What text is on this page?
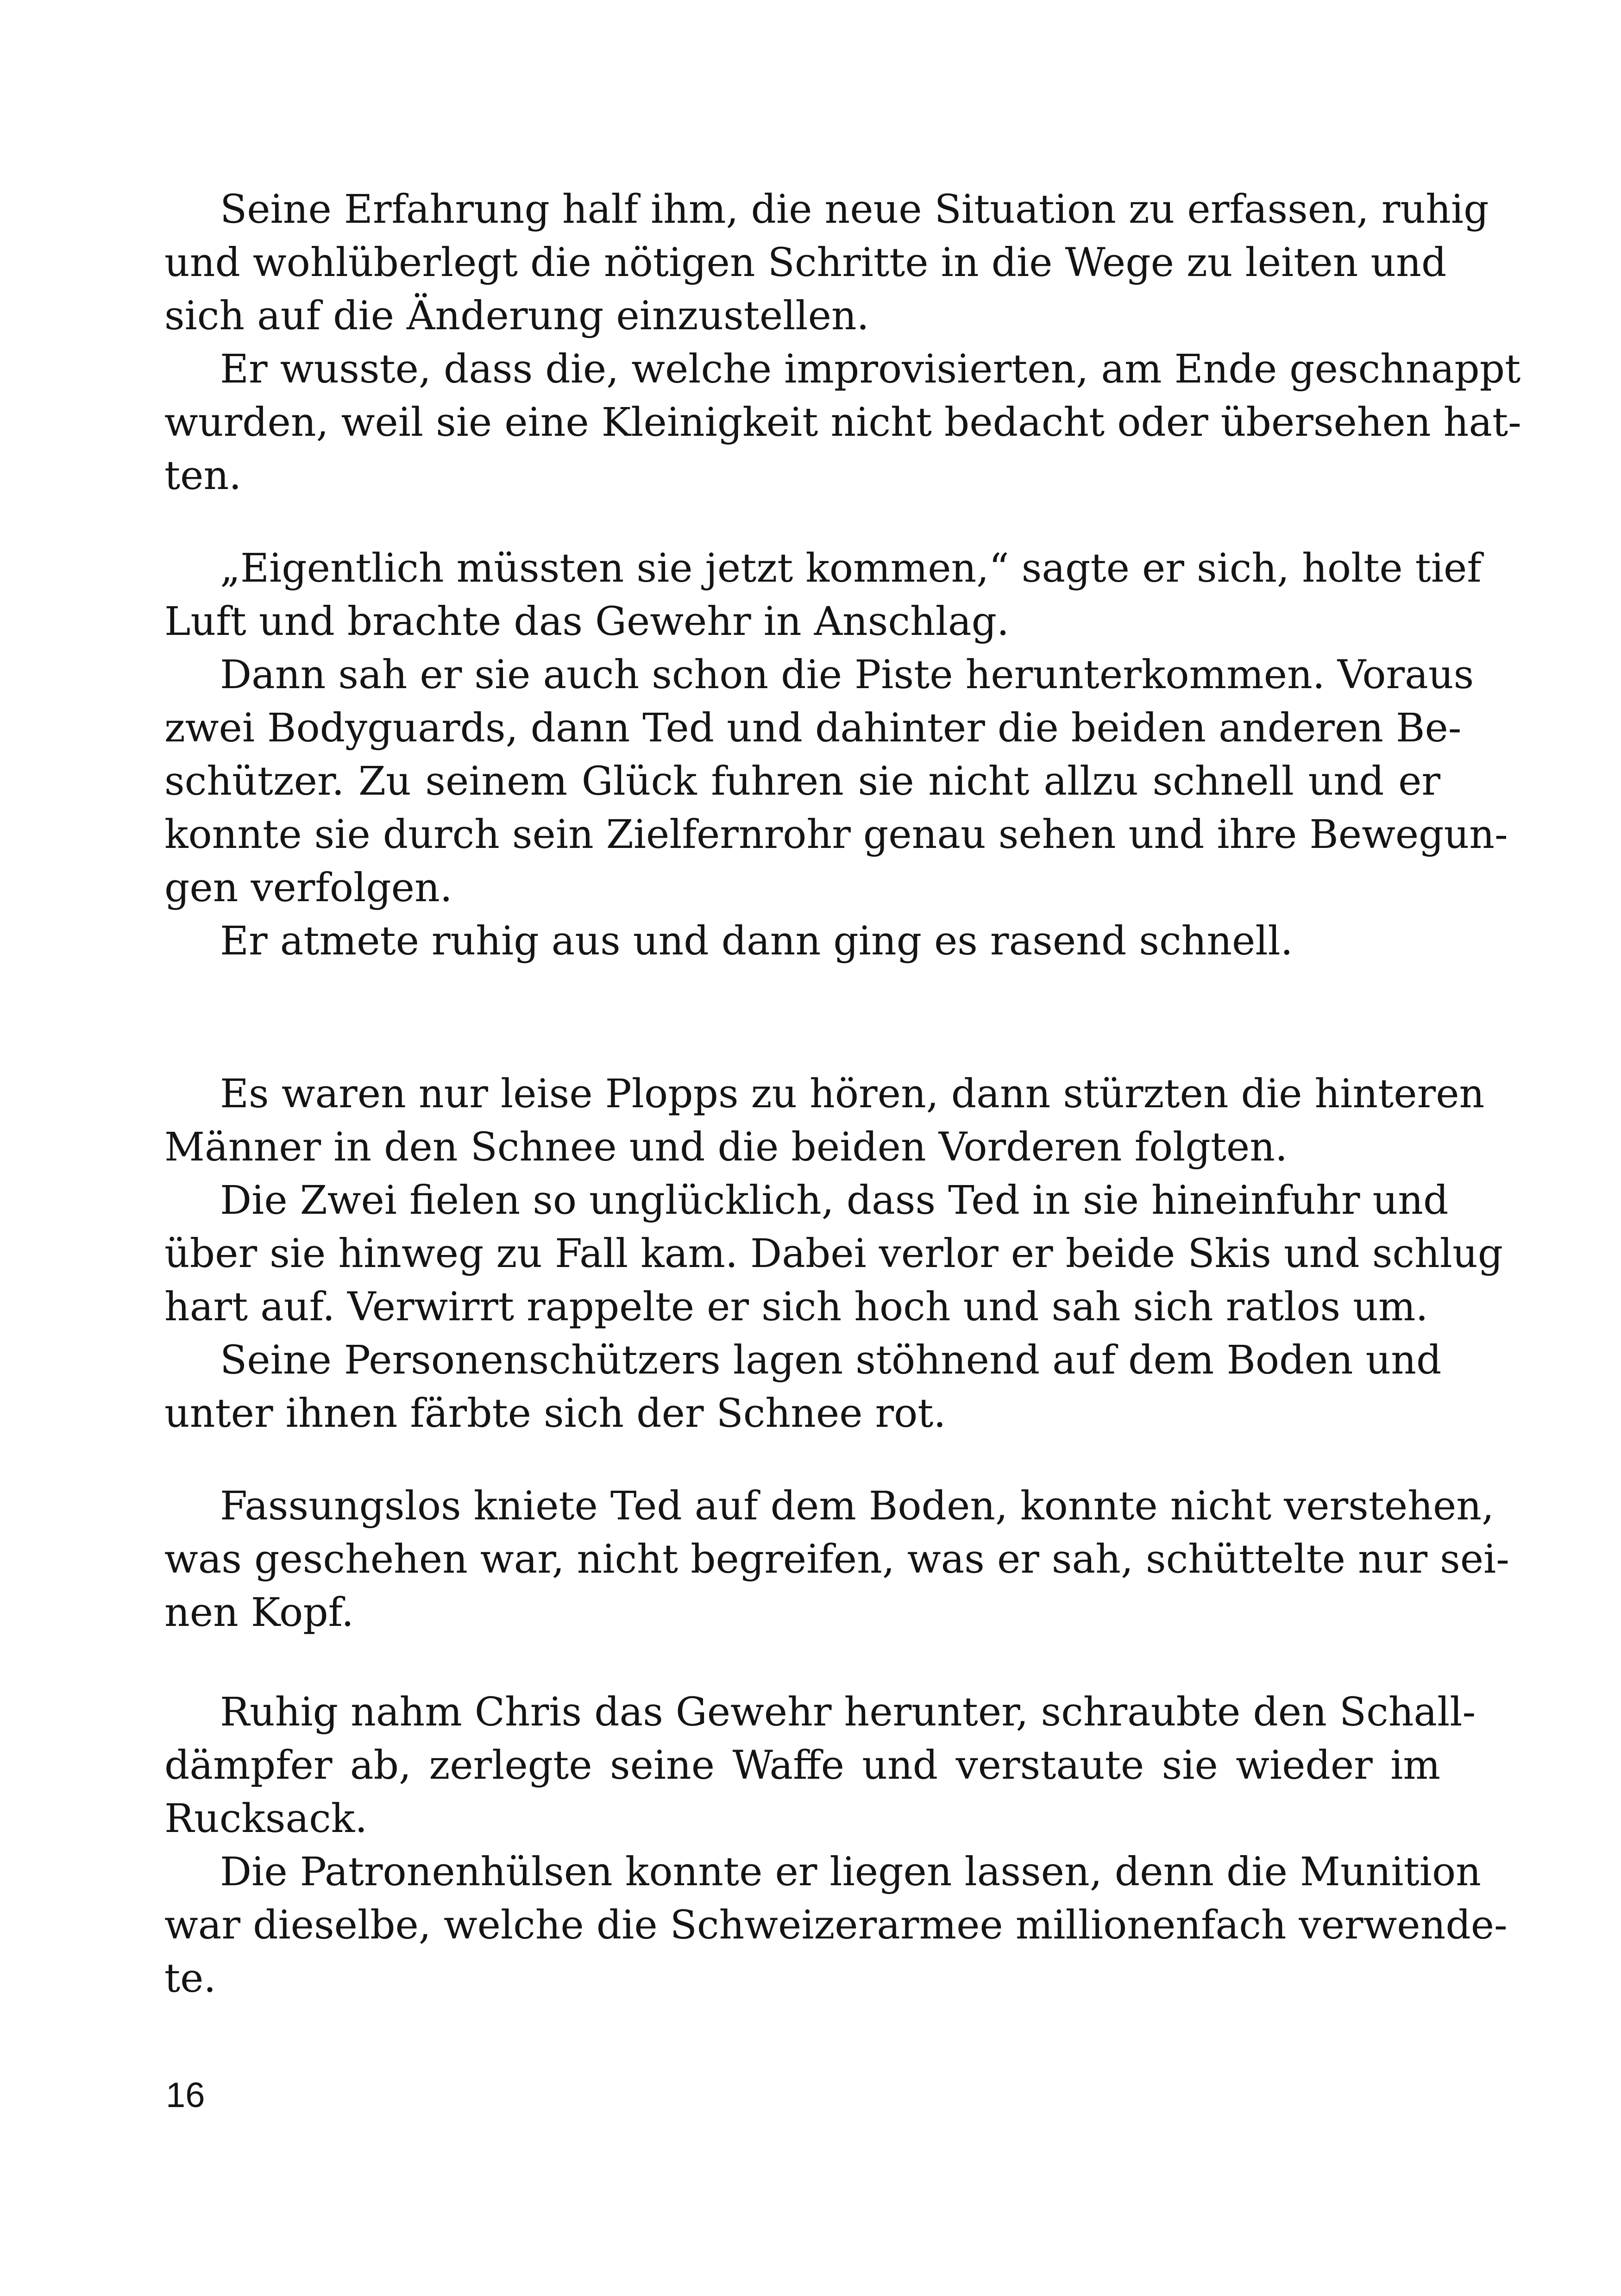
Seine Erfahrung half ihm, die neue Situation zu erfassen, ruhig
und wohlüberlegt die nötigen Schritte in die Wege zu leiten und
sich auf die Änderung einzustellen.
Er wusste, dass die, welche improvisierten, am Ende geschnappt
wurden, weil sie eine Kleinigkeit nicht bedacht oder übersehen hat-
ten.
„Eigentlich müssten sie jetzt kommen,“ sagte er sich, holte tief
Luft und brachte das Gewehr in Anschlag.
Dann sah er sie auch schon die Piste herunterkommen. Voraus
zwei Bodyguards, dann Ted und dahinter die beiden anderen Be-
schützer. Zu seinem Glück fuhren sie nicht allzu schnell und er
konnte sie durch sein Zielfernrohr genau sehen und ihre Bewegun-
gen verfolgen.
Er atmete ruhig aus und dann ging es rasend schnell.
Es waren nur leise Plopps zu hören, dann stürzten die hinteren
Männer in den Schnee und die beiden Vorderen folgten.
Die Zwei fielen so unglücklich, dass Ted in sie hineinfuhr und
über sie hinweg zu Fall kam. Dabei verlor er beide Skis und schlug
hart auf. Verwirrt rappelte er sich hoch und sah sich ratlos um.
Seine Personenschützers lagen stöhnend auf dem Boden und
unter ihnen färbte sich der Schnee rot.
Fassungslos kniete Ted auf dem Boden, konnte nicht verstehen,
was geschehen war, nicht begreifen, was er sah, schüttelte nur sei-
nen Kopf.
Ruhig nahm Chris das Gewehr herunter, schraubte den Schall-
dämpfer ab, zerlegte seine Waffe und verstaute sie wieder im
Rucksack.
Die Patronenhülsen konnte er liegen lassen, denn die Munition
war dieselbe, welche die Schweizerarmee millionenfach verwende-
te.
16
